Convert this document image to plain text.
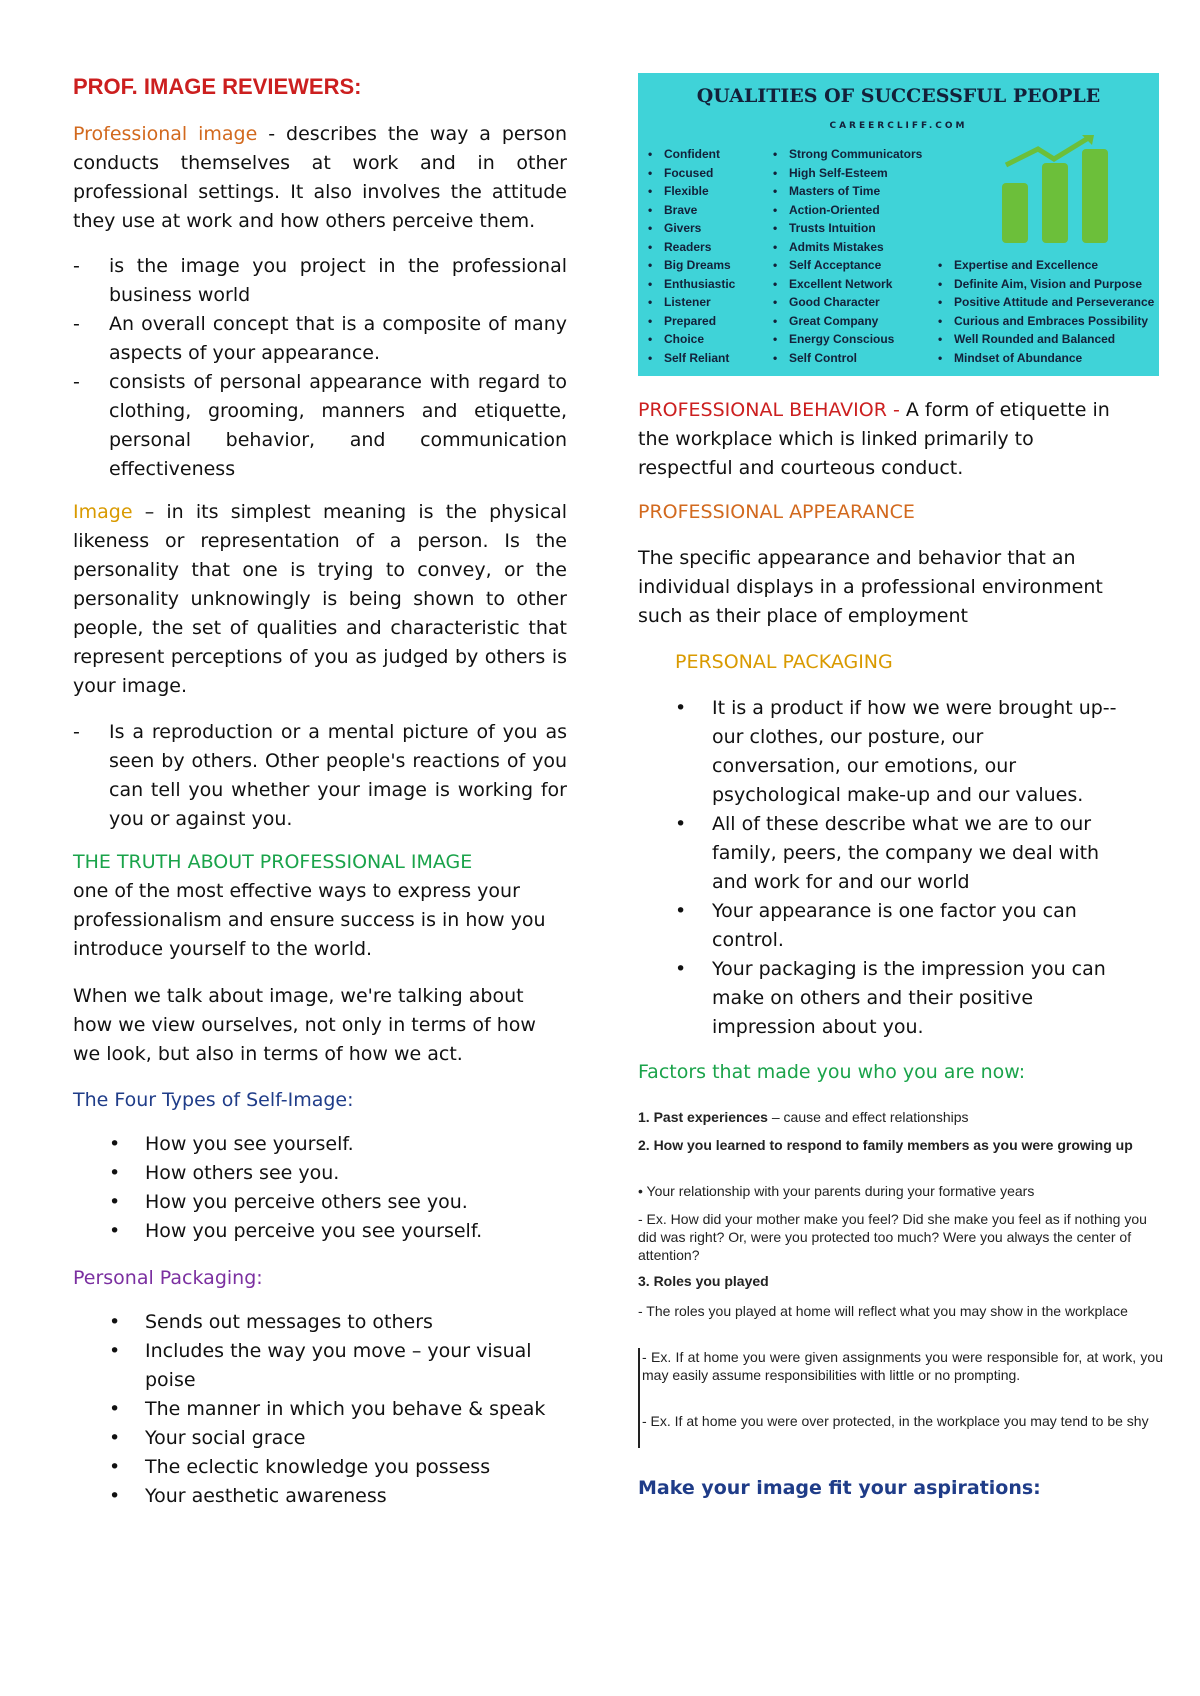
PROF. IMAGE REVIEWERS:

Professional image - describes the way a person conducts themselves at work and in other professional settings. It also involves the attitude they use at work and how others perceive them.

- is the image you project in the professional business world
- An overall concept that is a composite of many aspects of your appearance.
- consists of personal appearance with regard to clothing, grooming, manners and etiquette, personal behavior, and communication effectiveness

Image – in its simplest meaning is the physical likeness or representation of a person. Is the personality that one is trying to convey, or the personality unknowingly is being shown to other people, the set of qualities and characteristic that represent perceptions of you as judged by others is your image.

- Is a reproduction or a mental picture of you as seen by others. Other people's reactions of you can tell you whether your image is working for you or against you.

THE TRUTH ABOUT PROFESSIONAL IMAGE

one of the most effective ways to express your professionalism and ensure success is in how you introduce yourself to the world.

When we talk about image, we're talking about how we view ourselves, not only in terms of how we look, but also in terms of how we act.

The Four Types of Self-Image:

• How you see yourself.
• How others see you.
• How you perceive others see you.
• How you perceive you see yourself.

Personal Packaging:

• Sends out messages to others
• Includes the way you move – your visual poise
• The manner in which you behave & speak
• Your social grace
• The eclectic knowledge you possess
• Your aesthetic awareness
QUALITIES OF SUCCESSFUL PEOPLE
CAREERCLIFF.COM
• Confident
• Focused
• Flexible
• Brave
• Givers
• Readers
• Big Dreams
• Enthusiastic
• Listener
• Prepared
• Choice
• Self Reliant
• Strong Communicators
• High Self-Esteem
• Masters of Time
• Action-Oriented
• Trusts Intuition
• Admits Mistakes
• Self Acceptance
• Excellent Network
• Good Character
• Great Company
• Energy Conscious
• Self Control
• Expertise and Excellence
• Definite Aim, Vision and Purpose
• Positive Attitude and Perseverance
• Curious and Embraces Possibility
• Well Rounded and Balanced
• Mindset of Abundance

PROFESSIONAL BEHAVIOR - A form of etiquette in the workplace which is linked primarily to respectful and courteous conduct.

PROFESSIONAL APPEARANCE

The specific appearance and behavior that an individual displays in a professional environment such as their place of employment

PERSONAL PACKAGING

• It is a product if how we were brought up--our clothes, our posture, our conversation, our emotions, our psychological make-up and our values.
• All of these describe what we are to our family, peers, the company we deal with and work for and our world
• Your appearance is one factor you can control.
• Your packaging is the impression you can make on others and their positive impression about you.

Factors that made you who you are now:

1. Past experiences – cause and effect relationships

2. How you learned to respond to family members as you were growing up

• Your relationship with your parents during your formative years

- Ex. How did your mother make you feel? Did she make you feel as if nothing you did was right? Or, were you protected too much? Were you always the center of attention?

3. Roles you played

- The roles you played at home will reflect what you may show in the workplace

- Ex. If at home you were given assignments you were responsible for, at work, you may easily assume responsibilities with little or no prompting.

- Ex. If at home you were over protected, in the workplace you may tend to be shy

Make your image fit your aspirations:
